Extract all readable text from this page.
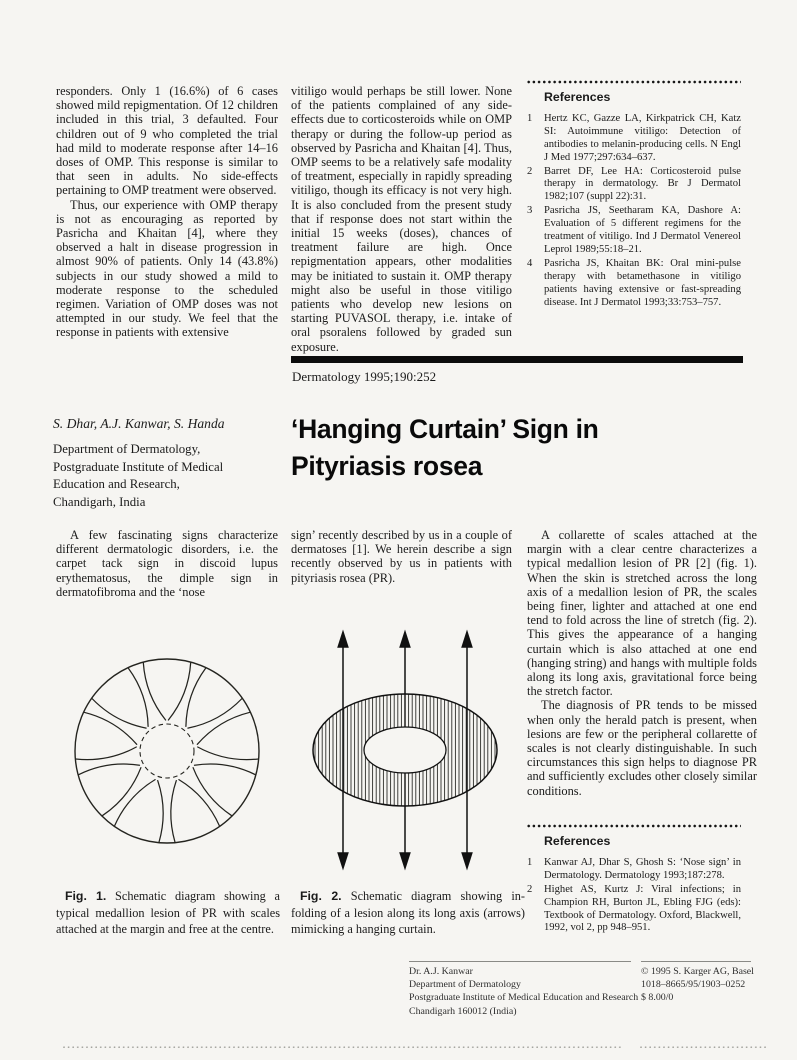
responders. Only 1 (16.6%) of 6 cases showed mild repigmentation. Of 12 children included in this trial, 3 defaulted. Four children out of 9 who completed the trial had mild to moderate response after 14–16 doses of OMP. This response is similar to that seen in adults. No side-effects pertaining to OMP treatment were observed.

Thus, our experience with OMP therapy is not as encouraging as reported by Pasricha and Khaitan [4], where they observed a halt in disease progression in almost 90% of patients. Only 14 (43.8%) subjects in our study showed a mild to moderate response to the scheduled regimen. Variation of OMP doses was not attempted in our study. We feel that the response in patients with extensive

vitiligo would perhaps be still lower. None of the patients complained of any side-effects due to corticosteroids while on OMP therapy or during the follow-up period as observed by Pasricha and Khaitan [4]. Thus, OMP seems to be a relatively safe modality of treatment, especially in rapidly spreading vitiligo, though its efficacy is not very high. It is also concluded from the present study that if response does not start within the initial 15 weeks (doses), chances of treatment failure are high. Once repigmentation appears, other modalities may be initiated to sustain it. OMP therapy might also be useful in those vitiligo patients who develop new lesions on starting PUVASOL therapy, i.e. intake of oral psoralens followed by graded sun exposure.

References
1	Hertz KC, Gazze LA, Kirkpatrick CH, Katz SI: Autoimmune vitiligo: Detection of antibodies to melanin-producing cells. N Engl J Med 1977;297:634–637.
2	Barret DF, Lee HA: Corticosteroid pulse therapy in dermatology. Br J Dermatol 1982;107 (suppl 22):31.
3	Pasricha JS, Seetharam KA, Dashore A: Evaluation of 5 different regimens for the treatment of vitiligo. Ind J Dermatol Venereol Leprol 1989;55:18–21.
4	Pasricha JS, Khaitan BK: Oral mini-pulse therapy with betamethasone in vitiligo patients having extensive or fast-spreading disease. Int J Dermatol 1993;33:753–757.
Dermatology 1995;190:252
S. Dhar, A.J. Kanwar, S. Handa
Department of Dermatology,
Postgraduate Institute of Medical
Education and Research,
Chandigarh, India
‘Hanging Curtain’ Sign in
Pityriasis rosea

A few fascinating signs characterize different dermatologic disorders, i.e. the carpet tack sign in discoid lupus erythematosus, the dimple sign in dermatofibroma and the ‘nose

sign’ recently described by us in a couple of dermatoses [1]. We herein describe a sign recently observed by us in patients with pityriasis rosea (PR).

A collarette of scales attached at the margin with a clear centre characterizes a typical medallion lesion of PR [2] (fig. 1). When the skin is stretched across the long axis of a medallion lesion of PR, the scales being finer, lighter and attached at one end tend to fold across the line of stretch (fig. 2). This gives the appearance of a hanging curtain which is also attached at one end (hanging string) and hangs with multiple folds along its long axis, gravitational force being the stretch factor.

The diagnosis of PR tends to be missed when only the herald patch is present, when lesions are few or the peripheral collarette of scales is not clearly distinguishable. In such circumstances this sign helps to diagnose PR and sufficiently excludes other closely similar conditions.

Fig. 1. Schematic diagram showing a typical medallion lesion of PR with scales attached at the margin and free at the centre.
Fig. 2. Schematic diagram showing in-folding of a lesion along its long axis (arrows) mimicking a hanging curtain.
References
1	Kanwar AJ, Dhar S, Ghosh S: ‘Nose sign’ in Dermatology. Dermatology 1993;187:278.
2	Highet AS, Kurtz J: Viral infections; in Champion RH, Burton JL, Ebling FJG (eds): Textbook of Dermatology. Oxford, Blackwell, 1992, vol 2, pp 948–951.
Dr. A.J. Kanwar
Department of Dermatology
Postgraduate Institute of Medical Education and Research
Chandigarh 160012 (India)
© 1995 S. Karger AG, Basel
1018–8665/95/1903–0252
$ 8.00/0
